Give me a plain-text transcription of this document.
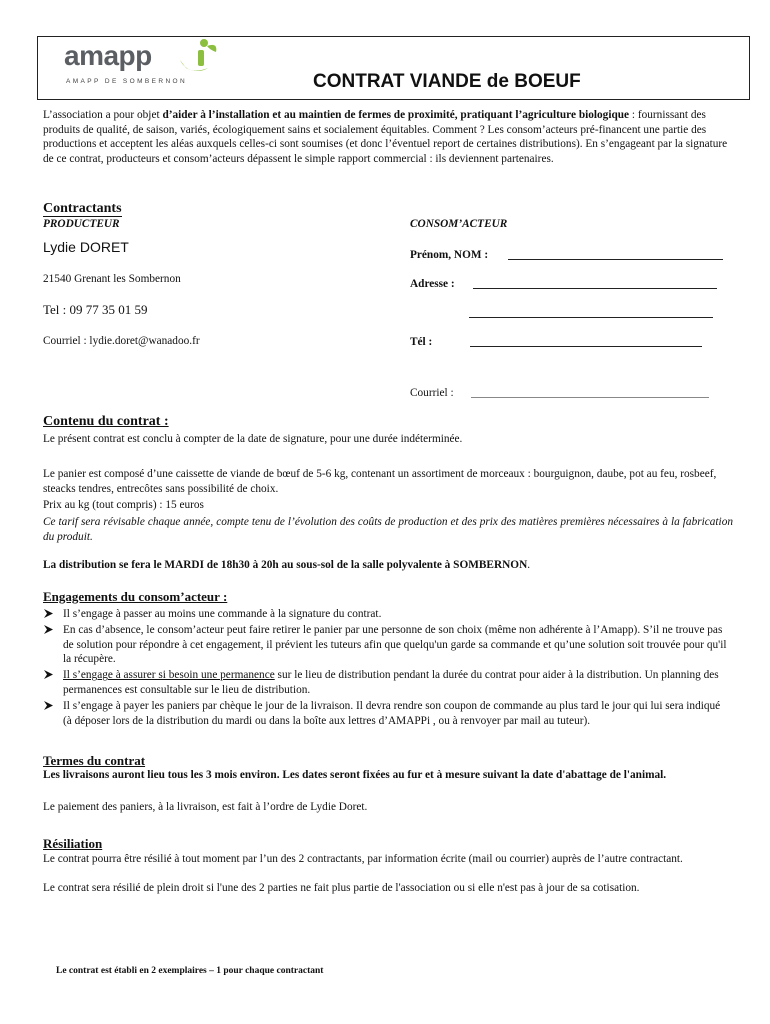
amapp
AMAPP DE SOMBERNON	CONTRAT VIANDE de BOEUF
L’association a pour objet d’aider à l’installation et au maintien de fermes de proximité, pratiquant l’agriculture biologique : fournissant des produits de qualité, de saison, variés, écologiquement sains et socialement équitables. Comment ? Les consom’acteurs pré-financent une partie des productions et acceptent les aléas auxquels celles-ci sont soumises (et donc l’éventuel report de certaines distributions). En s’engageant par la signature de ce contrat, producteurs et consom’acteurs dépassent le simple rapport commercial : ils deviennent partenaires.
Contractants
PRODUCTEUR
Lydie DORET
21540 Grenant les Sombernon
Tel : 09 77 35 01 59
Courriel : lydie.doret@wanadoo.fr
CONSOM’ACTEUR
Prénom, NOM :
Adresse :
Tél :
Courriel :
Contenu du contrat :
Le présent contrat est conclu à compter de la date de signature, pour une durée indéterminée.
Le panier est composé d’une caissette de viande de bœuf de 5-6 kg, contenant un assortiment de morceaux : bourguignon, daube, pot au feu, rosbeef, steacks tendres, entrecôtes sans possibilité de choix.
Prix au kg (tout compris) : 15 euros
Ce tarif sera révisable chaque année, compte tenu de l’évolution des coûts de production et des prix des matières premières nécessaires à la fabrication du produit.
La distribution se fera le MARDI de 18h30 à 20h au sous-sol de la salle polyvalente à SOMBERNON.
Engagements du consom’acteur :
Il s’engage à passer au moins une commande à la signature du contrat.
En cas d’absence, le consom’acteur peut faire retirer le panier par une personne de son choix (même non adhérente à l’Amapp). S’il ne trouve pas de solution pour répondre à cet engagement, il prévient les tuteurs afin que quelqu'un garde sa commande et qu’une solution soit trouvée pour qu'il la récupère.
Il s’engage à assurer si besoin une permanence sur le lieu de distribution pendant la durée du contrat pour aider à la distribution. Un planning des permanences est consultable sur le lieu de distribution.
Il s’engage à payer les paniers par chèque le jour de la livraison. Il devra rendre son coupon de commande au plus tard le jour qui lui sera indiqué (à déposer lors de la distribution du mardi ou dans la boîte aux lettres d’AMAPPi , ou à renvoyer par mail au tuteur).
Termes du contrat
Les livraisons auront lieu tous les 3 mois environ. Les dates seront fixées au fur et à mesure suivant la date d'abattage de l'animal.
Le paiement des paniers, à la livraison, est fait à l’ordre de Lydie Doret.
Résiliation
Le contrat pourra être résilié à tout moment par l’un des 2 contractants, par information écrite (mail ou courrier) auprès de l’autre contractant.
Le contrat sera résilié de plein droit si l'une des 2 parties ne fait plus partie de l'association ou si elle n'est pas à jour de sa cotisation.
Le contrat est établi en 2 exemplaires – 1 pour chaque contractant
